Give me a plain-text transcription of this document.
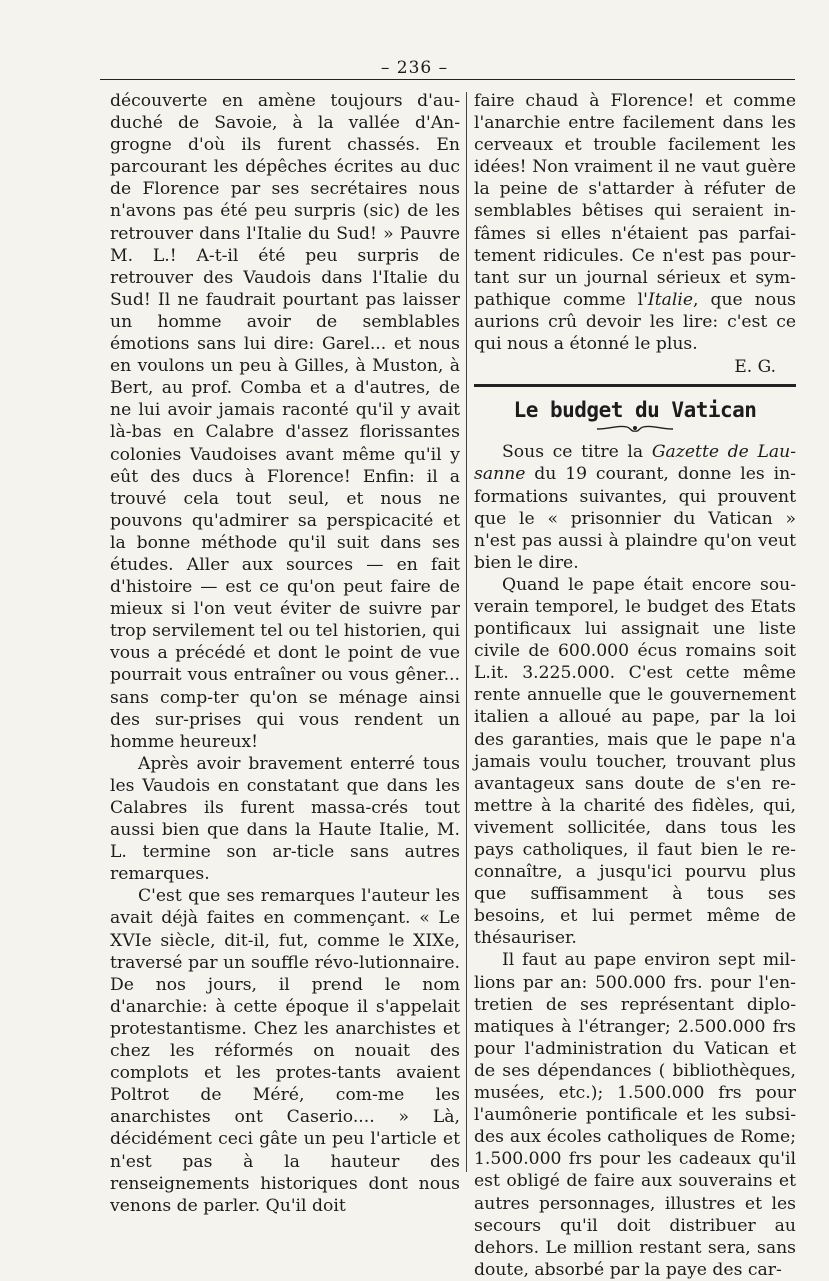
– 236 –

découverte en amène toujours d'au-duché de Savoie, à la vallée d'An-grogne d'où ils furent chassés. En parcourant les dépêches écrites au duc de Florence par ses secrétaires nous n'avons pas été peu surpris (sic) de les retrouver dans l'Italie du Sud! » Pauvre M. L.! A-t-il été peu surpris de retrouver des Vaudois dans l'Italie du Sud! Il ne faudrait pourtant pas laisser un homme avoir de semblables émotions sans lui dire: Garel... et nous en voulons un peu à Gilles, à Muston, à Bert, au prof. Comba et a d'autres, de ne lui avoir jamais raconté qu'il y avait là-bas en Calabre d'assez florissantes colonies Vaudoises avant même qu'il y eût des ducs à Florence! Enfin: il a trouvé cela tout seul, et nous ne pouvons qu'admirer sa perspicacité et la bonne méthode qu'il suit dans ses études. Aller aux sources — en fait d'histoire — est ce qu'on peut faire de mieux si l'on veut éviter de suivre par trop servilement tel ou tel historien, qui vous a précédé et dont le point de vue pourrait vous entraîner ou vous gêner... sans comp-ter qu'on se ménage ainsi des sur-prises qui vous rendent un homme heureux!

Après avoir bravement enterré tous les Vaudois en constatant que dans les Calabres ils furent massa-crés tout aussi bien que dans la Haute Italie, M. L. termine son ar-ticle sans autres remarques.

C'est que ses remarques l'auteur les avait déjà faites en commençant. « Le XVIe siècle, dit-il, fut, comme le XIXe, traversé par un souffle révo-lutionnaire. De nos jours, il prend le nom d'anarchie: à cette époque il s'appelait protestantisme. Chez les anarchistes et chez les réformés on nouait des complots et les protes-tants avaient Poltrot de Méré, com-me les anarchistes ont Caserio.... » Là, décidément ceci gâte un peu l'article et n'est pas à la hauteur des renseignements historiques dont nous venons de parler. Qu'il doit

faire chaud à Florence! et comme l'anarchie entre facilement dans les cerveaux et trouble facilement les idées! Non vraiment il ne vaut guère la peine de s'attarder à réfuter de semblables bêtises qui seraient in-fâmes si elles n'étaient pas parfai-tement ridicules. Ce n'est pas pour-tant sur un journal sérieux et sym-pathique comme l'Italie, que nous aurions crû devoir les lire: c'est ce qui nous a étonné le plus.

E. G.
Le budget du Vatican

Sous ce titre la Gazette de Lau-sanne du 19 courant, donne les in-formations suivantes, qui prouvent que le « prisonnier du Vatican » n'est pas aussi à plaindre qu'on veut bien le dire.

Quand le pape était encore sou-verain temporel, le budget des Etats pontificaux lui assignait une liste civile de 600.000 écus romains soit L.it. 3.225.000. C'est cette même rente annuelle que le gouvernement italien a alloué au pape, par la loi des garanties, mais que le pape n'a jamais voulu toucher, trouvant plus avantageux sans doute de s'en re-mettre à la charité des fidèles, qui, vivement sollicitée, dans tous les pays catholiques, il faut bien le re-connaître, a jusqu'ici pourvu plus que suffisamment à tous ses besoins, et lui permet même de thésauriser.

Il faut au pape environ sept mil-lions par an: 500.000 frs. pour l'en-tretien de ses représentant diplo-matiques à l'étranger; 2.500.000 frs pour l'administration du Vatican et de ses dépendances ( bibliothèques, musées, etc.); 1.500.000 frs pour l'aumônerie pontificale et les subsi-des aux écoles catholiques de Rome; 1.500.000 frs pour les cadeaux qu'il est obligé de faire aux souverains et autres personnages, illustres et les secours qu'il doit distribuer au dehors. Le million restant sera, sans doute, absorbé par la paye des car-
